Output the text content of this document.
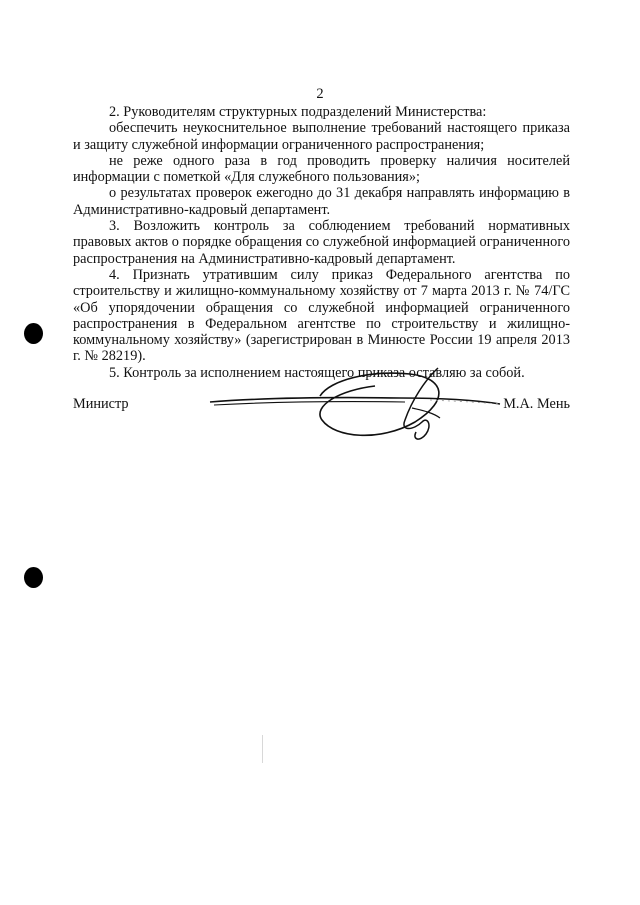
2

2. Руководителям структурных подразделений Министерства:

обеспечить неукоснительное выполнение требований настоящего приказа и защиту служебной информации ограниченного распространения;

не реже одного раза в год проводить проверку наличия носителей информации с пометкой «Для служебного пользования»;

о результатах проверок ежегодно до 31 декабря направлять информацию в Административно-кадровый департамент.

3. Возложить контроль за соблюдением требований нормативных правовых актов о порядке обращения со служебной информацией ограниченного распространения на Административно-кадровый департамент.

4. Признать утратившим силу приказ Федерального агентства по строительству и жилищно-коммунальному хозяйству от 7 марта 2013 г. № 74/ГС «Об упорядочении обращения со служебной информацией ограниченного распространения в Федеральном агентстве по строительству и жилищно-коммунальному хозяйству» (зарегистрирован в Минюсте России 19 апреля 2013 г. № 28219).

5. Контроль за исполнением настоящего приказа оставляю за собой.

Министр	М.А. Мень
